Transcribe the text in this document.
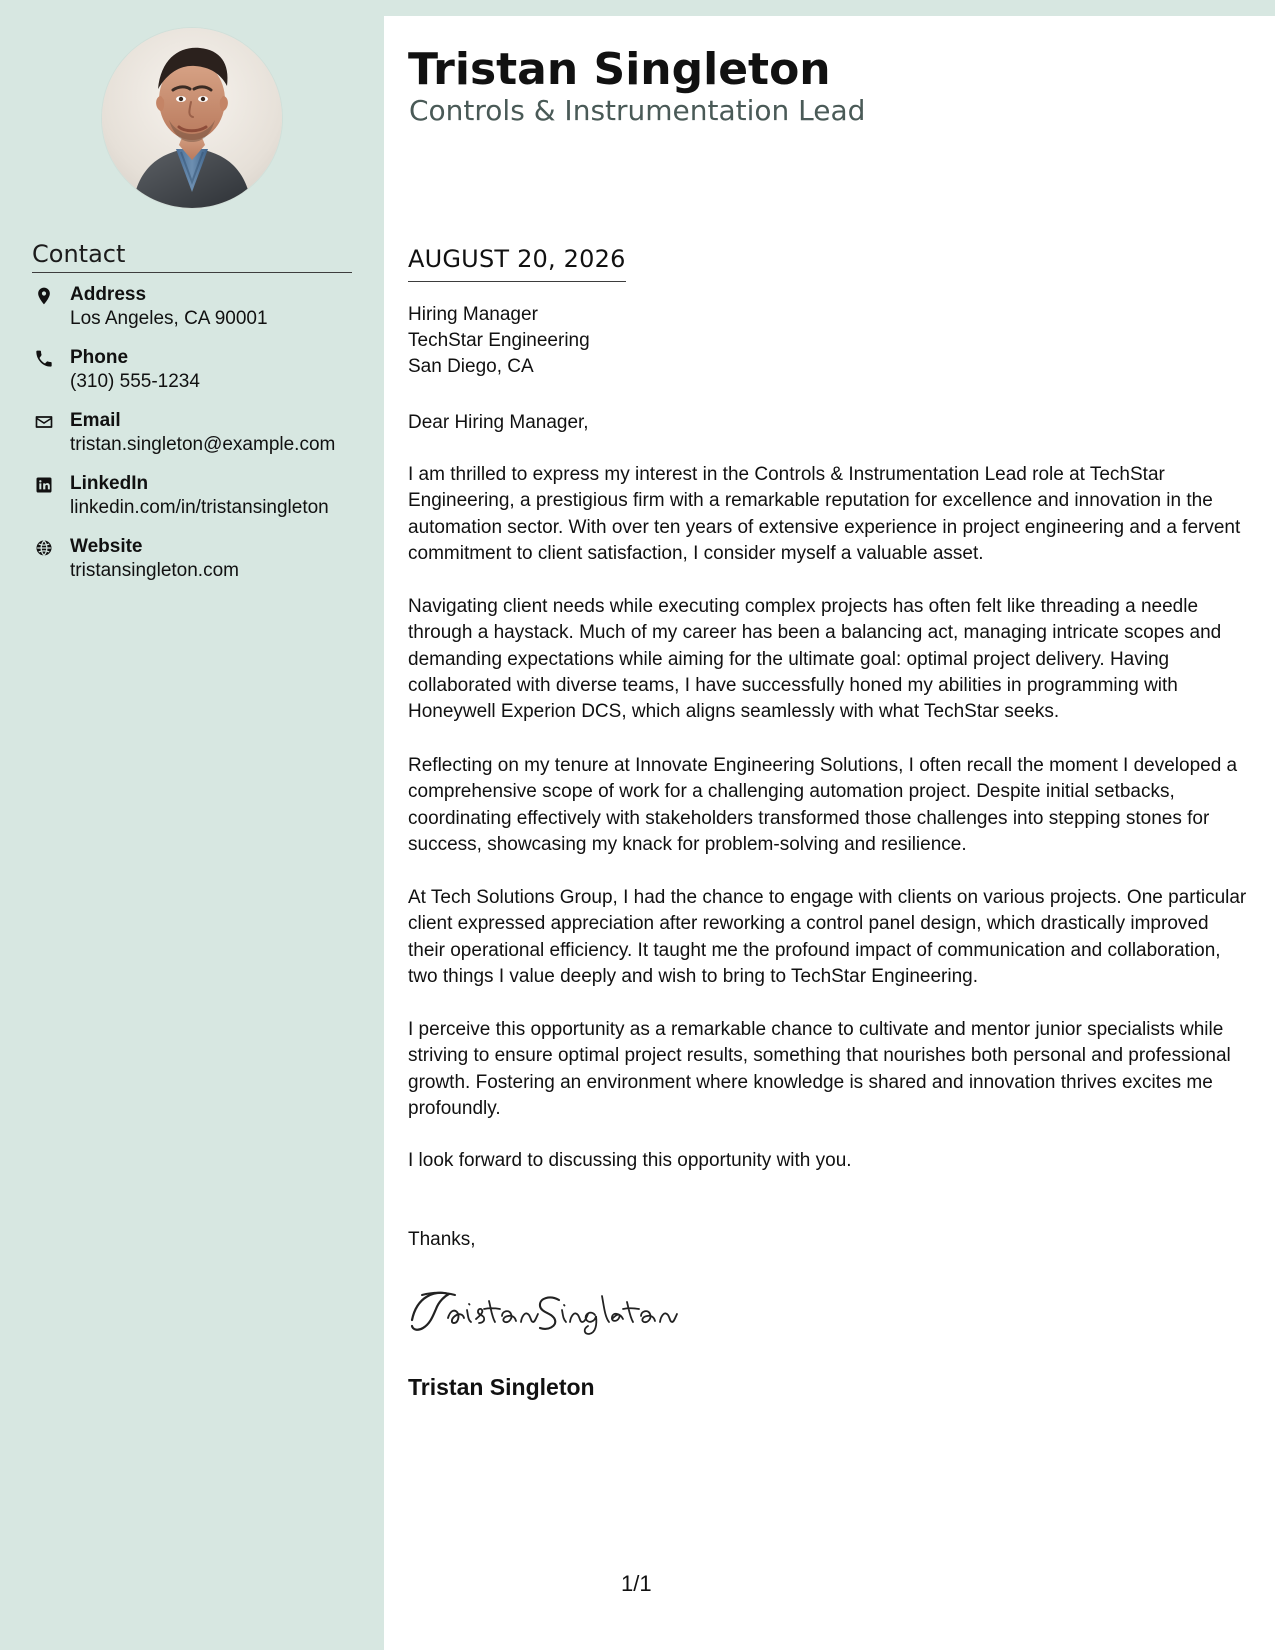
Contact
Address
Los Angeles, CA 90001
Phone
(310) 555-1234
Email
tristan.singleton@example.com
LinkedIn
linkedin.com/in/tristansingleton
Website
tristansingleton.com
Tristan Singleton
Controls & Instrumentation Lead
AUGUST 20, 2026
Hiring Manager
TechStar Engineering
San Diego, CA
Dear Hiring Manager,
I am thrilled to express my interest in the Controls & Instrumentation Lead role at TechStar Engineering, a prestigious firm with a remarkable reputation for excellence and innovation in the automation sector. With over ten years of extensive experience in project engineering and a fervent commitment to client satisfaction, I consider myself a valuable asset.
Navigating client needs while executing complex projects has often felt like threading a needle through a haystack. Much of my career has been a balancing act, managing intricate scopes and demanding expectations while aiming for the ultimate goal: optimal project delivery. Having collaborated with diverse teams, I have successfully honed my abilities in programming with Honeywell Experion DCS, which aligns seamlessly with what TechStar seeks.
Reflecting on my tenure at Innovate Engineering Solutions, I often recall the moment I developed a comprehensive scope of work for a challenging automation project. Despite initial setbacks, coordinating effectively with stakeholders transformed those challenges into stepping stones for success, showcasing my knack for problem-solving and resilience.
At Tech Solutions Group, I had the chance to engage with clients on various projects. One particular client expressed appreciation after reworking a control panel design, which drastically improved their operational efficiency. It taught me the profound impact of communication and collaboration, two things I value deeply and wish to bring to TechStar Engineering.
I perceive this opportunity as a remarkable chance to cultivate and mentor junior specialists while striving to ensure optimal project results, something that nourishes both personal and professional growth. Fostering an environment where knowledge is shared and innovation thrives excites me profoundly.
I look forward to discussing this opportunity with you.
Thanks,
Tristan Singleton
1/1
